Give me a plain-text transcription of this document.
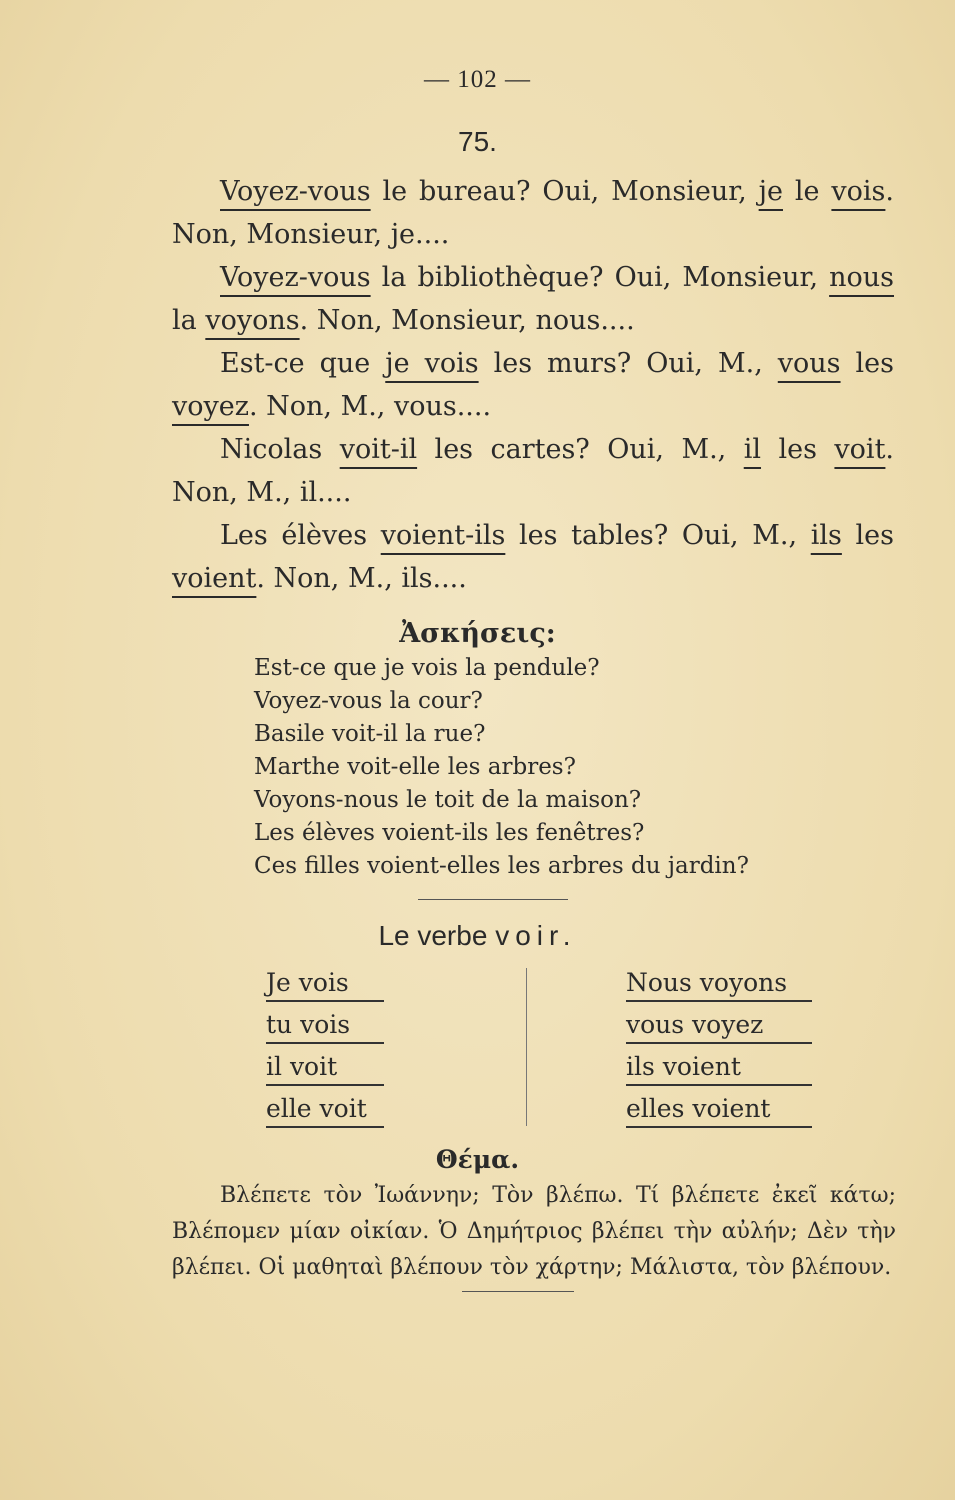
— 102 —
75.

Voyez-vous le bureau? Oui, Monsieur, je le vois. Non, Monsieur, je....

Voyez-vous la bibliothèque? Oui, Monsieur, nous la voyons. Non, Monsieur, nous....

Est-ce que je vois les murs? Oui, M., vous les voyez. Non, M., vous....

Nicolas voit-il les cartes? Oui, M., il les voit. Non, M., il....

Les élèves voient-ils les tables? Oui, M., ils les voient. Non, M., ils....

Ἀσκήσεις:
Est-ce que je vois la pendule?
Voyez-vous la cour?
Basile voit-il la rue?
Marthe voit-elle les arbres?
Voyons-nous le toit de la maison?
Les élèves voient-ils les fenêtres?
Ces filles voient-elles les arbres du jardin?
Le verbe voir.
Je vois
tu vois
il voit
elle voit
Nous voyons
vous voyez
ils voient
elles voient
Θέμα.

Βλέπετε τὸν Ἰωάννην; Τὸν βλέπω. Τί βλέπετε ἐκεῖ κάτω; Βλέπομεν μίαν οἰκίαν. Ὁ Δημήτριος βλέπει τὴν αὐλήν; Δὲν τὴν βλέπει. Οἱ μαθηταὶ βλέπουν τὸν χάρτην; Μάλιστα, τὸν βλέπουν.
